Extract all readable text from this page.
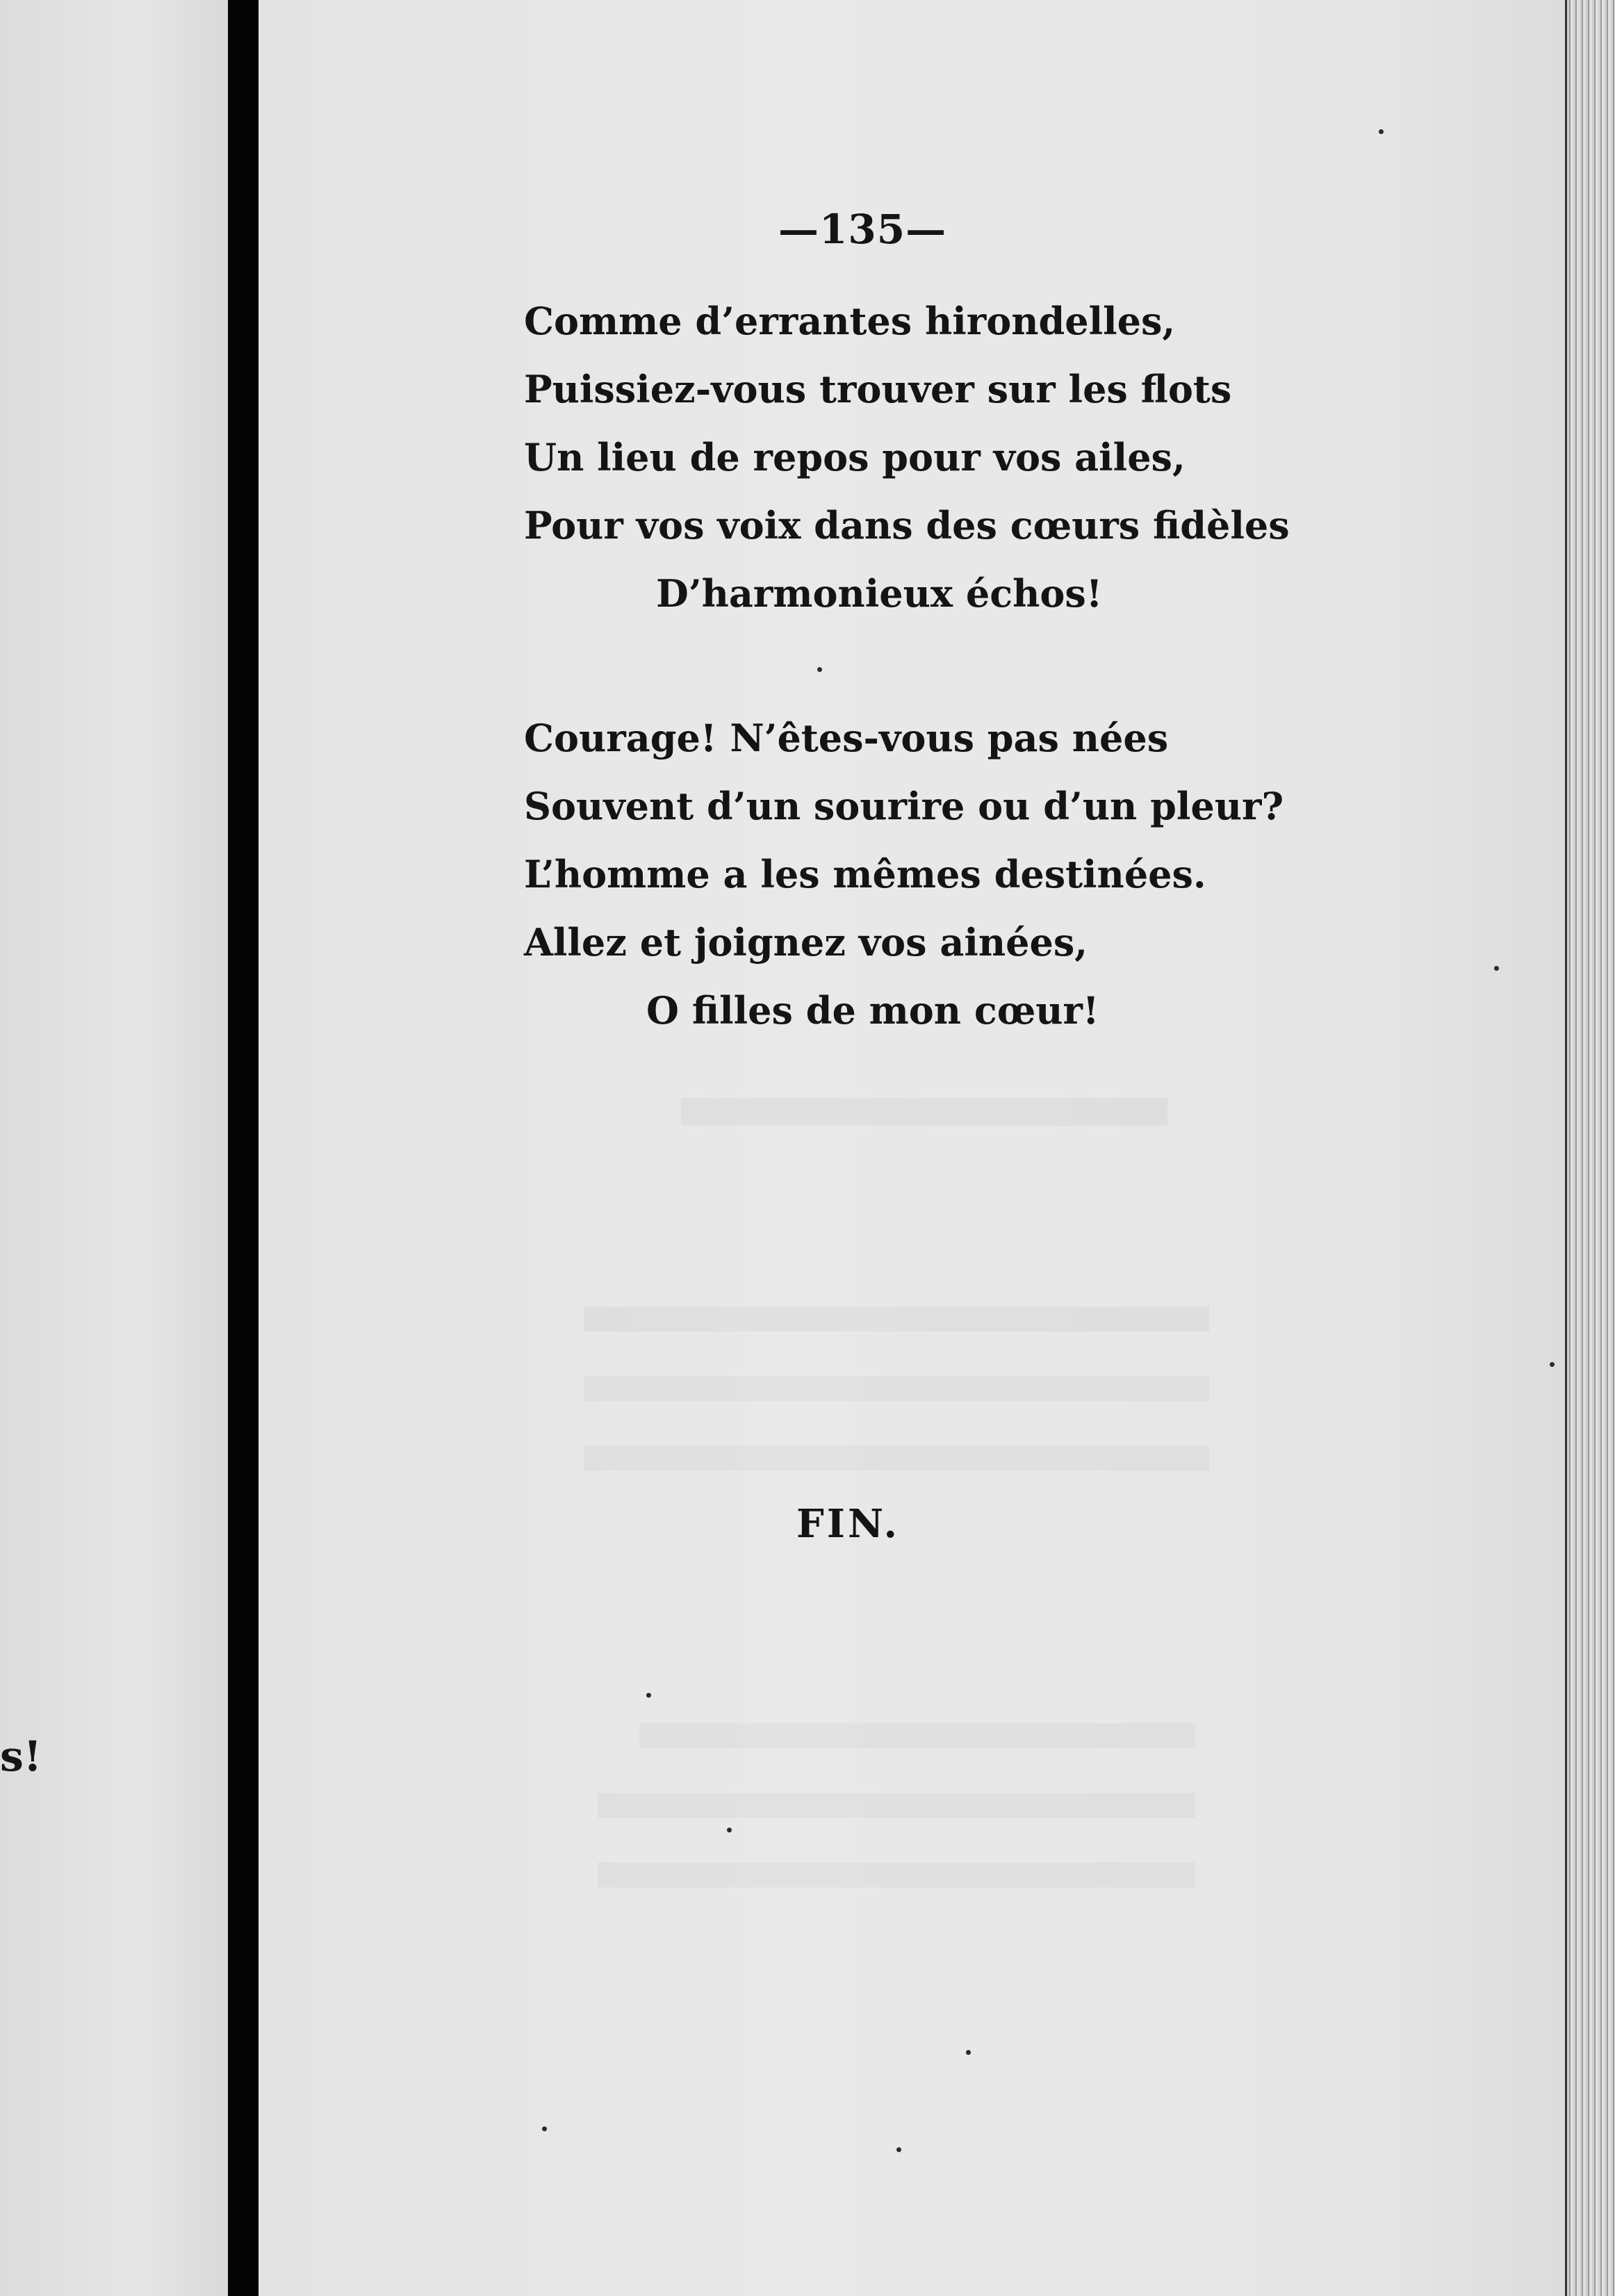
s!
—135—
Comme d’errantes hirondelles,
Puissiez-vous trouver sur les flots
Un lieu de repos pour vos ailes,
Pour vos voix dans des cœurs fidèles
D’harmonieux échos!
Courage! N’êtes-vous pas nées
Souvent d’un sourire ou d’un pleur?
L’homme a les mêmes destinées.
Allez et joignez vos ainées,
O filles de mon cœur!
FIN.
